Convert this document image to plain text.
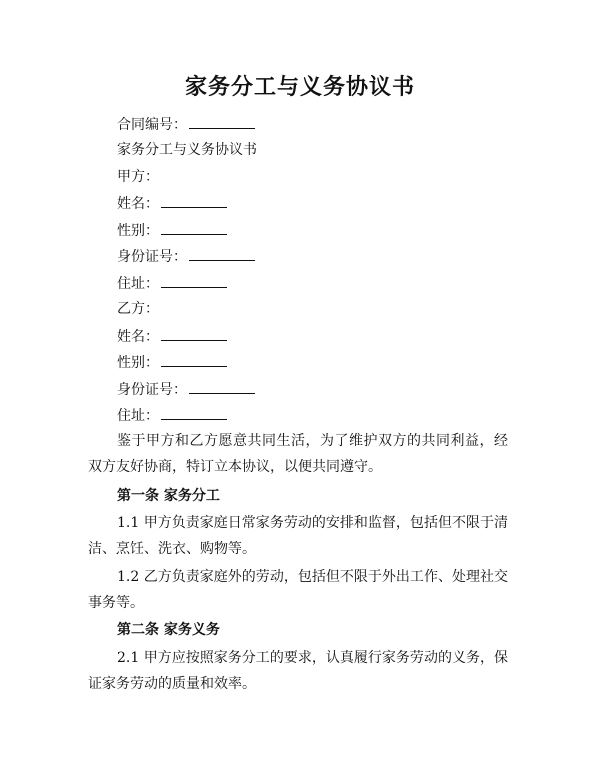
家务分工与义务协议书
合同编号：
家务分工与义务协议书
甲方：
姓名：
性别：
身份证号：
住址：
乙方：
姓名：
性别：
身份证号：
住址：
鉴于甲方和乙方愿意共同生活，为了维护双方的共同利益，经双方友好协商，特订立本协议，以便共同遵守。
第一条 家务分工
1.1 甲方负责家庭日常家务劳动的安排和监督，包括但不限于清洁、烹饪、洗衣、购物等。
1.2 乙方负责家庭外的劳动，包括但不限于外出工作、处理社交事务等。
第二条 家务义务
2.1 甲方应按照家务分工的要求，认真履行家务劳动的义务，保证家务劳动的质量和效率。
